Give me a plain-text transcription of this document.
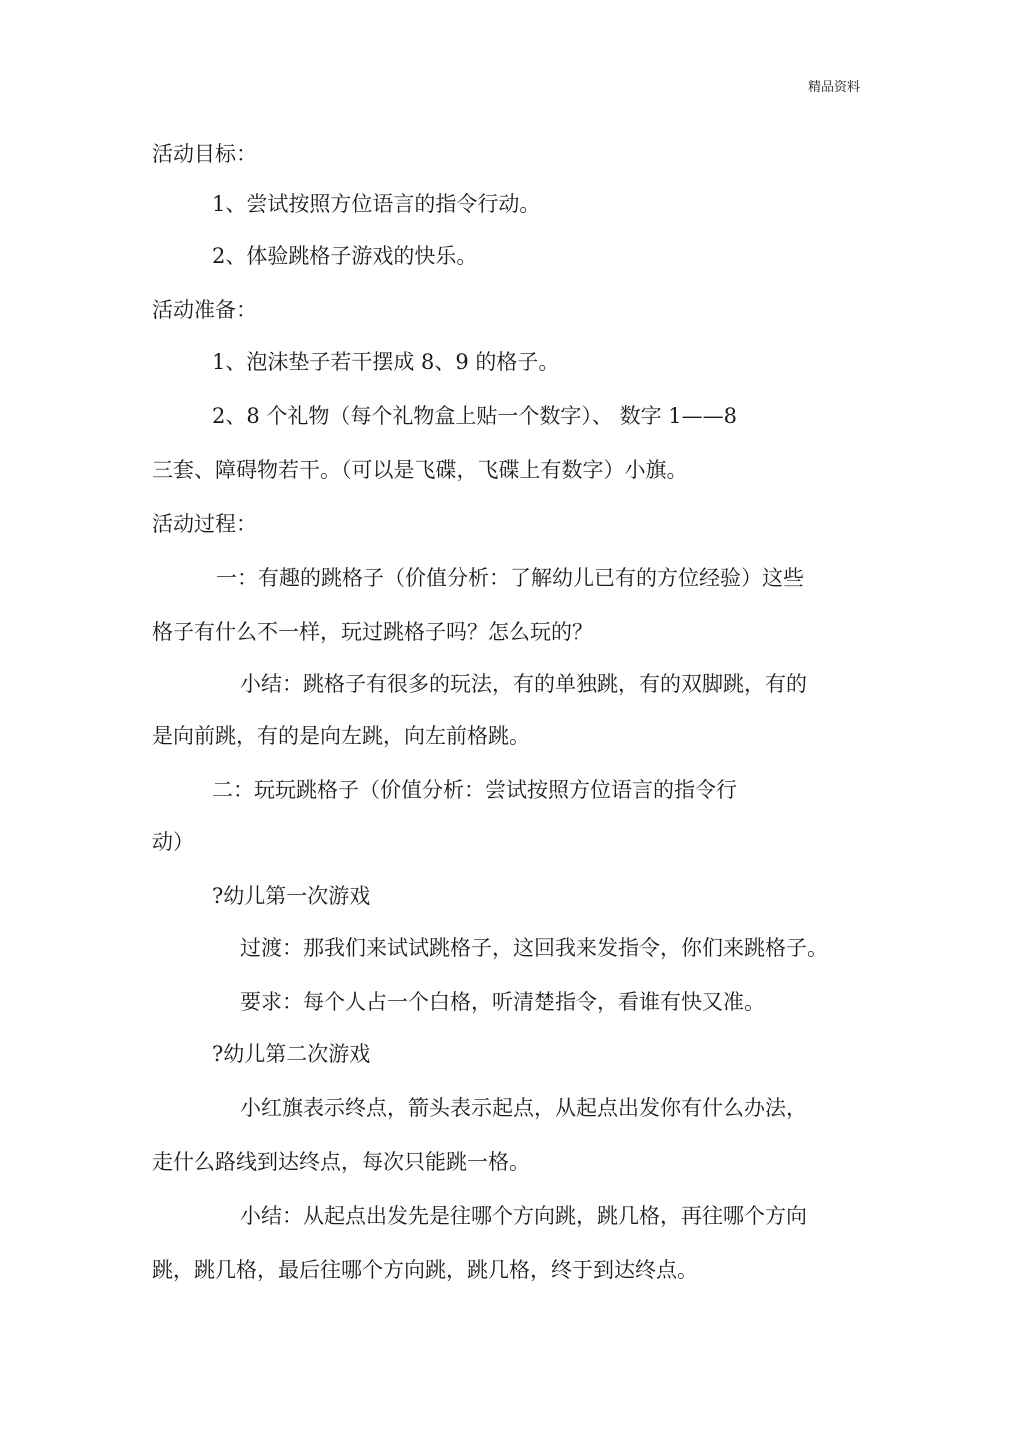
精品资料
活动目标：
1、尝试按照方位语言的指令行动。
2、体验跳格子游戏的快乐。
活动准备：
1、泡沫垫子若干摆成 8、9 的格子。
2、8 个礼物（每个礼物盒上贴一个数字）、 数字 1——8
三套、障碍物若干。（可以是飞碟，飞碟上有数字）小旗。
活动过程：
一：有趣的跳格子（价值分析：了解幼儿已有的方位经验）这些
格子有什么不一样，玩过跳格子吗？怎么玩的？
小结：跳格子有很多的玩法，有的单独跳，有的双脚跳，有的
是向前跳，有的是向左跳，向左前格跳。
二：玩玩跳格子（价值分析：尝试按照方位语言的指令行
动）
?幼儿第一次游戏
过渡：那我们来试试跳格子，这回我来发指令，你们来跳格子。
要求：每个人占一个白格，听清楚指令，看谁有快又准。
?幼儿第二次游戏
小红旗表示终点，箭头表示起点，从起点出发你有什么办法，
走什么路线到达终点，每次只能跳一格。
小结：从起点出发先是往哪个方向跳，跳几格，再往哪个方向
跳，跳几格，最后往哪个方向跳，跳几格，终于到达终点。
